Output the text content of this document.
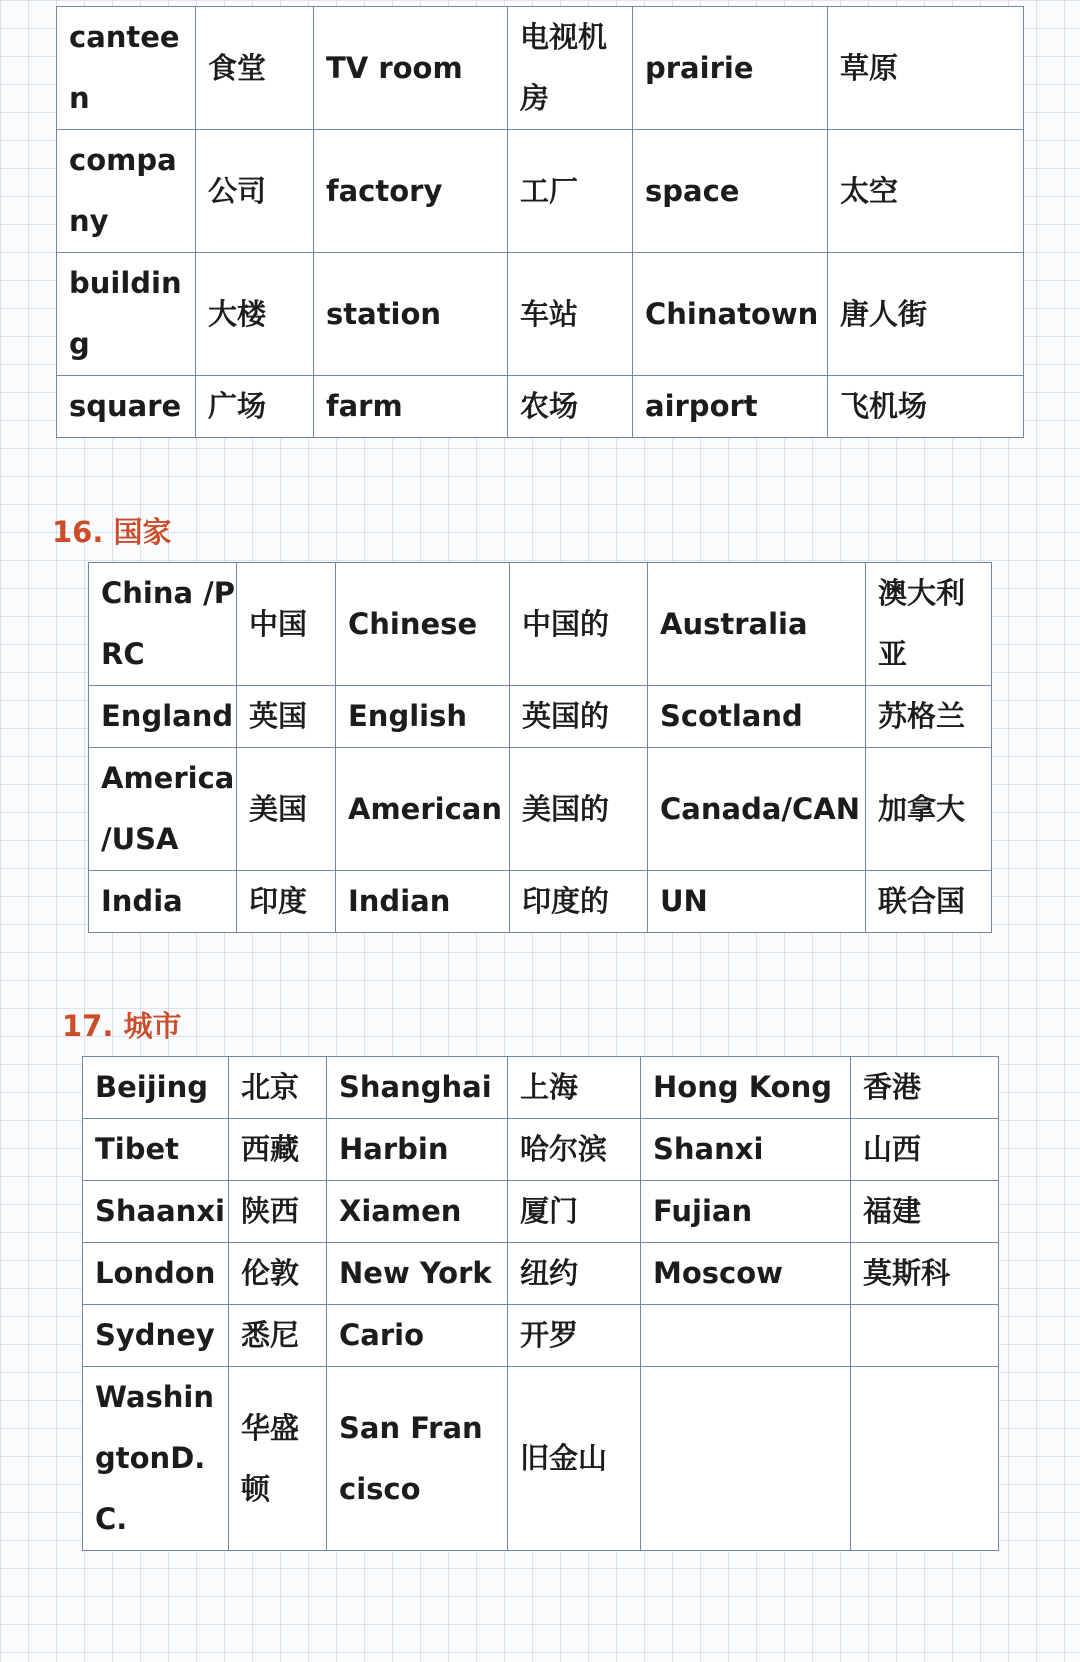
canteen	食堂	TV room	电视机房	prairie	草原
company	公司	factory	工厂	space	太空
building	大楼	station	车站	Chinatown	唐人街
square	广场	farm	农场	airport	飞机场
16. 国家
China /PRC	中国	Chinese	中国的	Australia	澳大利亚
England	英国	English	英国的	Scotland	苏格兰
America /USA	美国	American	美国的	Canada/CAN	加拿大
India	印度	Indian	印度的	UN	联合国
17. 城市
Beijing	北京	Shanghai	上海	Hong Kong	香港
Tibet	西藏	Harbin	哈尔滨	Shanxi	山西
Shaanxi	陕西	Xiamen	厦门	Fujian	福建
London	伦敦	New York	纽约	Moscow	莫斯科
Sydney	悉尼	Cario	开罗		
WashingtonD.C.	华盛顿	San Francisco	旧金山		
